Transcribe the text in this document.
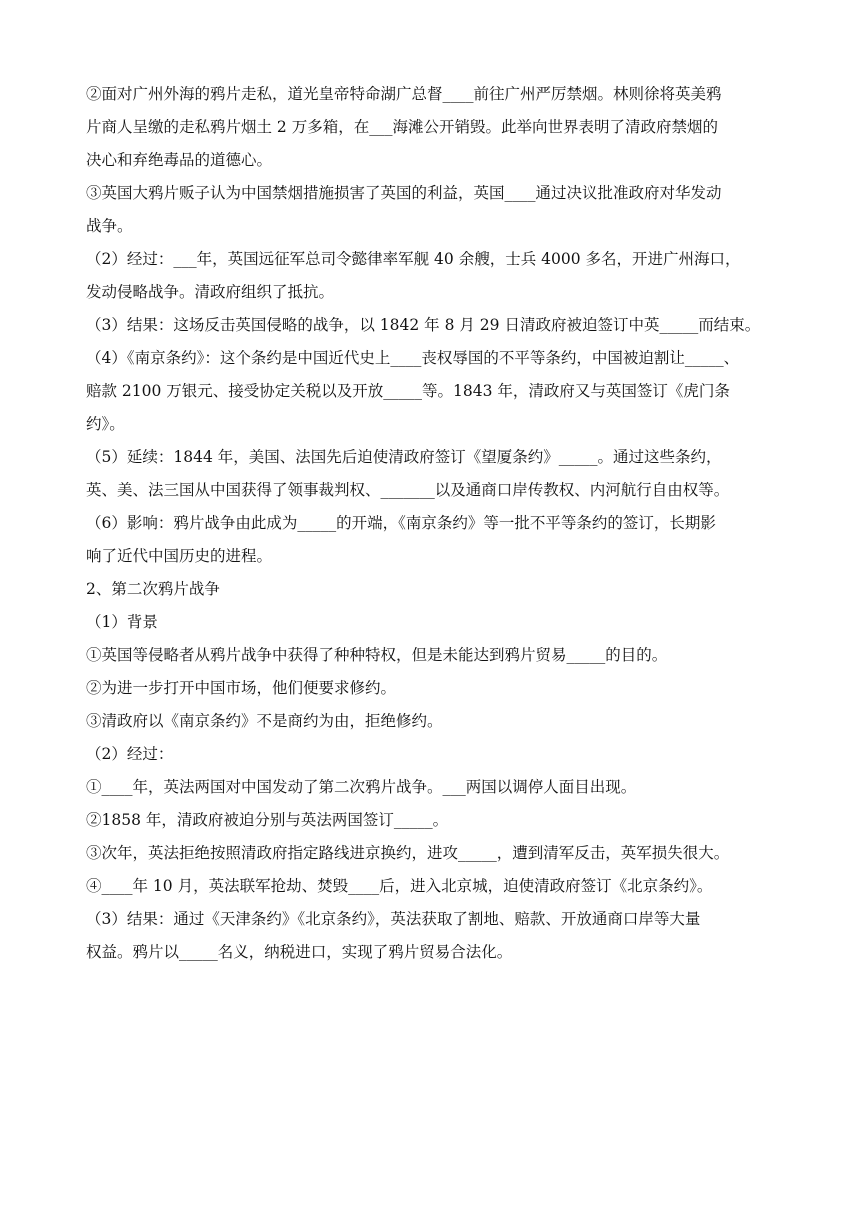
②面对广州外海的鸦片走私，道光皇帝特命湖广总督____前往广州严厉禁烟。林则徐将英美鸦
片商人呈缴的走私鸦片烟土 2 万多箱，在___海滩公开销毁。此举向世界表明了清政府禁烟的
决心和弃绝毒品的道德心。
③英国大鸦片贩子认为中国禁烟措施损害了英国的利益，英国____通过决议批准政府对华发动
战争。
（2）经过：___年，英国远征军总司令懿律率军舰 40 余艘，士兵 4000 多名，开进广州海口，
发动侵略战争。清政府组织了抵抗。
（3）结果：这场反击英国侵略的战争，以 1842 年 8 月 29 日清政府被迫签订中英_____而结束。
（4）《南京条约》：这个条约是中国近代史上____丧权辱国的不平等条约，中国被迫割让_____、
赔款 2100 万银元、接受协定关税以及开放_____等。1843 年，清政府又与英国签订《虎门条
约》。
（5）延续：1844 年，美国、法国先后迫使清政府签订《望厦条约》_____。通过这些条约，
英、美、法三国从中国获得了领事裁判权、_______以及通商口岸传教权、内河航行自由权等。
（6）影响：鸦片战争由此成为_____的开端，《南京条约》等一批不平等条约的签订，长期影
响了近代中国历史的进程。
2、第二次鸦片战争
（1）背景
①英国等侵略者从鸦片战争中获得了种种特权，但是未能达到鸦片贸易_____的目的。
②为进一步打开中国市场，他们便要求修约。
③清政府以《南京条约》不是商约为由，拒绝修约。
（2）经过：
①____年，英法两国对中国发动了第二次鸦片战争。___两国以调停人面目出现。
②1858 年，清政府被迫分别与英法两国签订_____。
③次年，英法拒绝按照清政府指定路线进京换约，进攻_____，遭到清军反击，英军损失很大。
④____年 10 月，英法联军抢劫、焚毁____后，进入北京城，迫使清政府签订《北京条约》。
（3）结果：通过《天津条约》《北京条约》，英法获取了割地、赔款、开放通商口岸等大量
权益。鸦片以_____名义，纳税进口，实现了鸦片贸易合法化。
